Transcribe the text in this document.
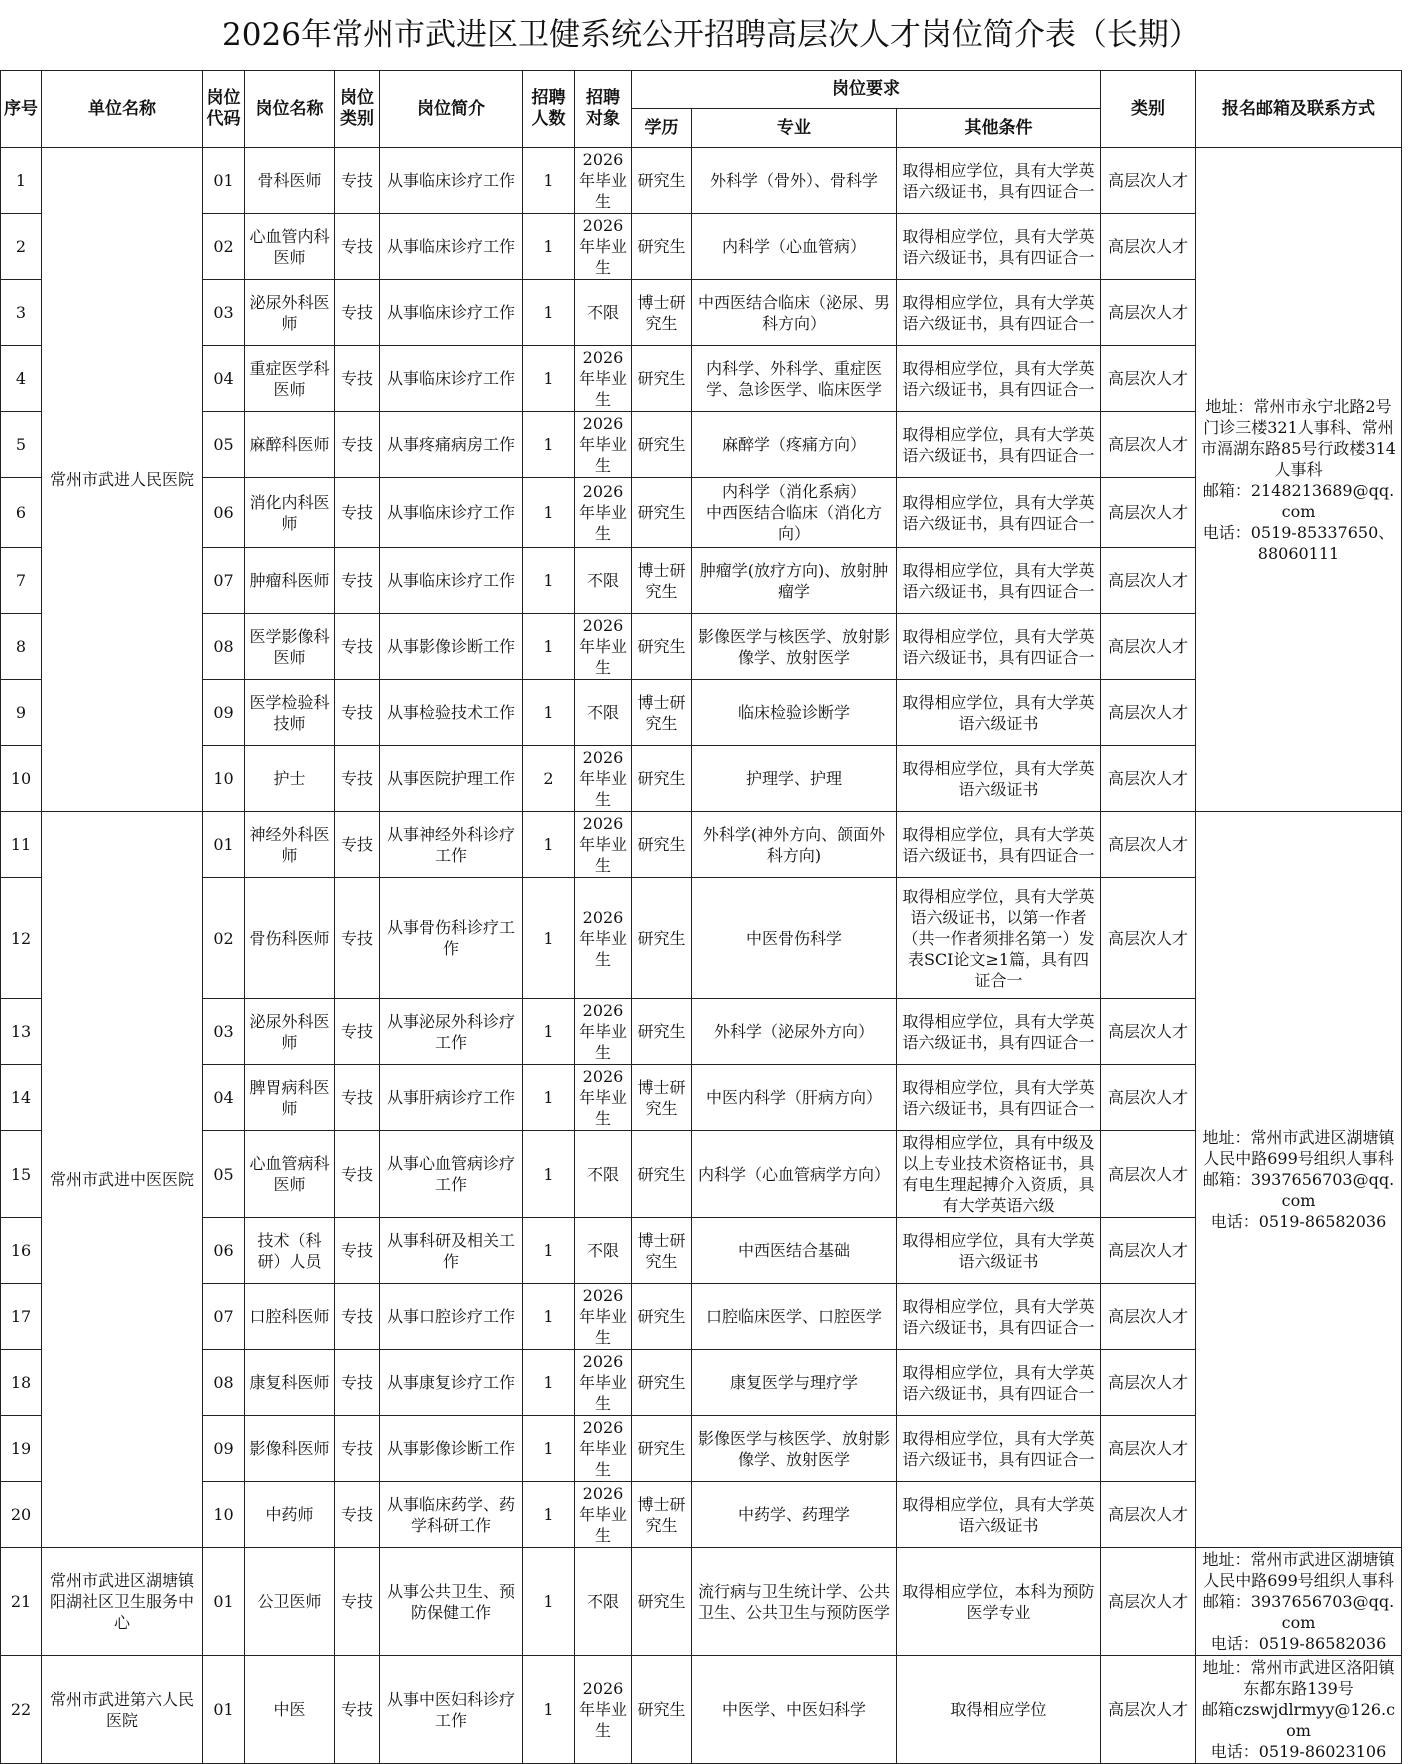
2026年常州市武进区卫健系统公开招聘高层次人才岗位简介表（长期）
序号	单位名称	岗位代码	岗位名称	岗位类别	岗位简介	招聘人数	招聘对象	岗位要求			类别	报名邮箱及联系方式
								学历	专业	其他条件		
1	常州市武进人民医院	01	骨科医师	专技	从事临床诊疗工作	1	2026年毕业生	研究生	外科学（骨外）、骨科学	取得相应学位，具有大学英语六级证书，具有四证合一	高层次人才	地址：常州市永宁北路2号门诊三楼321人事科、常州市滆湖东路85号行政楼314人事科
邮箱：2148213689@qq.com
电话：0519-85337650、88060111
2		02	心血管内科医师	专技	从事临床诊疗工作	1	2026年毕业生	研究生	内科学（心血管病）	取得相应学位，具有大学英语六级证书，具有四证合一	高层次人才	
3		03	泌尿外科医师	专技	从事临床诊疗工作	1	不限	博士研究生	中西医结合临床（泌尿、男科方向）	取得相应学位，具有大学英语六级证书，具有四证合一	高层次人才	
4		04	重症医学科医师	专技	从事临床诊疗工作	1	2026年毕业生	研究生	内科学、外科学、重症医学、急诊医学、临床医学	取得相应学位，具有大学英语六级证书，具有四证合一	高层次人才	
5		05	麻醉科医师	专技	从事疼痛病房工作	1	2026年毕业生	研究生	麻醉学（疼痛方向）	取得相应学位，具有大学英语六级证书，具有四证合一	高层次人才	
6		06	消化内科医师	专技	从事临床诊疗工作	1	2026年毕业生	研究生	内科学（消化系病）
中西医结合临床（消化方向）	取得相应学位，具有大学英语六级证书，具有四证合一	高层次人才	
7		07	肿瘤科医师	专技	从事临床诊疗工作	1	不限	博士研究生	肿瘤学(放疗方向)、放射肿瘤学	取得相应学位，具有大学英语六级证书，具有四证合一	高层次人才	
8		08	医学影像科医师	专技	从事影像诊断工作	1	2026年毕业生	研究生	影像医学与核医学、放射影像学、放射医学	取得相应学位，具有大学英语六级证书，具有四证合一	高层次人才	
9		09	医学检验科技师	专技	从事检验技术工作	1	不限	博士研究生	临床检验诊断学	取得相应学位，具有大学英语六级证书	高层次人才	
10		10	护士	专技	从事医院护理工作	2	2026年毕业生	研究生	护理学、护理	取得相应学位，具有大学英语六级证书	高层次人才	
11	常州市武进中医医院	01	神经外科医师	专技	从事神经外科诊疗工作	1	2026年毕业生	研究生	外科学(神外方向、颌面外科方向)	取得相应学位，具有大学英语六级证书，具有四证合一	高层次人才	地址：常州市武进区湖塘镇人民中路699号组织人事科
邮箱：3937656703@qq.com
电话：0519-86582036
12		02	骨伤科医师	专技	从事骨伤科诊疗工作	1	2026年毕业生	研究生	中医骨伤科学	取得相应学位，具有大学英语六级证书，以第一作者（共一作者须排名第一）发表SCI论文≥1篇，具有四证合一	高层次人才	
13		03	泌尿外科医师	专技	从事泌尿外科诊疗工作	1	2026年毕业生	研究生	外科学（泌尿外方向）	取得相应学位，具有大学英语六级证书，具有四证合一	高层次人才	
14		04	脾胃病科医师	专技	从事肝病诊疗工作	1	2026年毕业生	博士研究生	中医内科学（肝病方向）	取得相应学位，具有大学英语六级证书，具有四证合一	高层次人才	
15		05	心血管病科医师	专技	从事心血管病诊疗工作	1	不限	研究生	内科学（心血管病学方向）	取得相应学位，具有中级及以上专业技术资格证书，具有电生理起搏介入资质，具有大学英语六级	高层次人才	
16		06	技术（科研）人员	专技	从事科研及相关工作	1	不限	博士研究生	中西医结合基础	取得相应学位，具有大学英语六级证书	高层次人才	
17		07	口腔科医师	专技	从事口腔诊疗工作	1	2026年毕业生	研究生	口腔临床医学、口腔医学	取得相应学位，具有大学英语六级证书，具有四证合一	高层次人才	
18		08	康复科医师	专技	从事康复诊疗工作	1	2026年毕业生	研究生	康复医学与理疗学	取得相应学位，具有大学英语六级证书，具有四证合一	高层次人才	
19		09	影像科医师	专技	从事影像诊断工作	1	2026年毕业生	研究生	影像医学与核医学、放射影像学、放射医学	取得相应学位，具有大学英语六级证书，具有四证合一	高层次人才	
20		10	中药师	专技	从事临床药学、药学科研工作	1	2026年毕业生	博士研究生	中药学、药理学	取得相应学位，具有大学英语六级证书	高层次人才	
21	常州市武进区湖塘镇阳湖社区卫生服务中心	01	公卫医师	专技	从事公共卫生、预防保健工作	1	不限	研究生	流行病与卫生统计学、公共卫生、公共卫生与预防医学	取得相应学位，本科为预防医学专业	高层次人才	地址：常州市武进区湖塘镇人民中路699号组织人事科
邮箱：3937656703@qq.com
电话：0519-86582036
22	常州市武进第六人民医院	01	中医	专技	从事中医妇科诊疗工作	1	2026年毕业生	研究生	中医学、中医妇科学	取得相应学位	高层次人才	地址：常州市武进区洛阳镇东都东路139号
邮箱czswjdlrmyy@126.com
电话：0519-86023106
